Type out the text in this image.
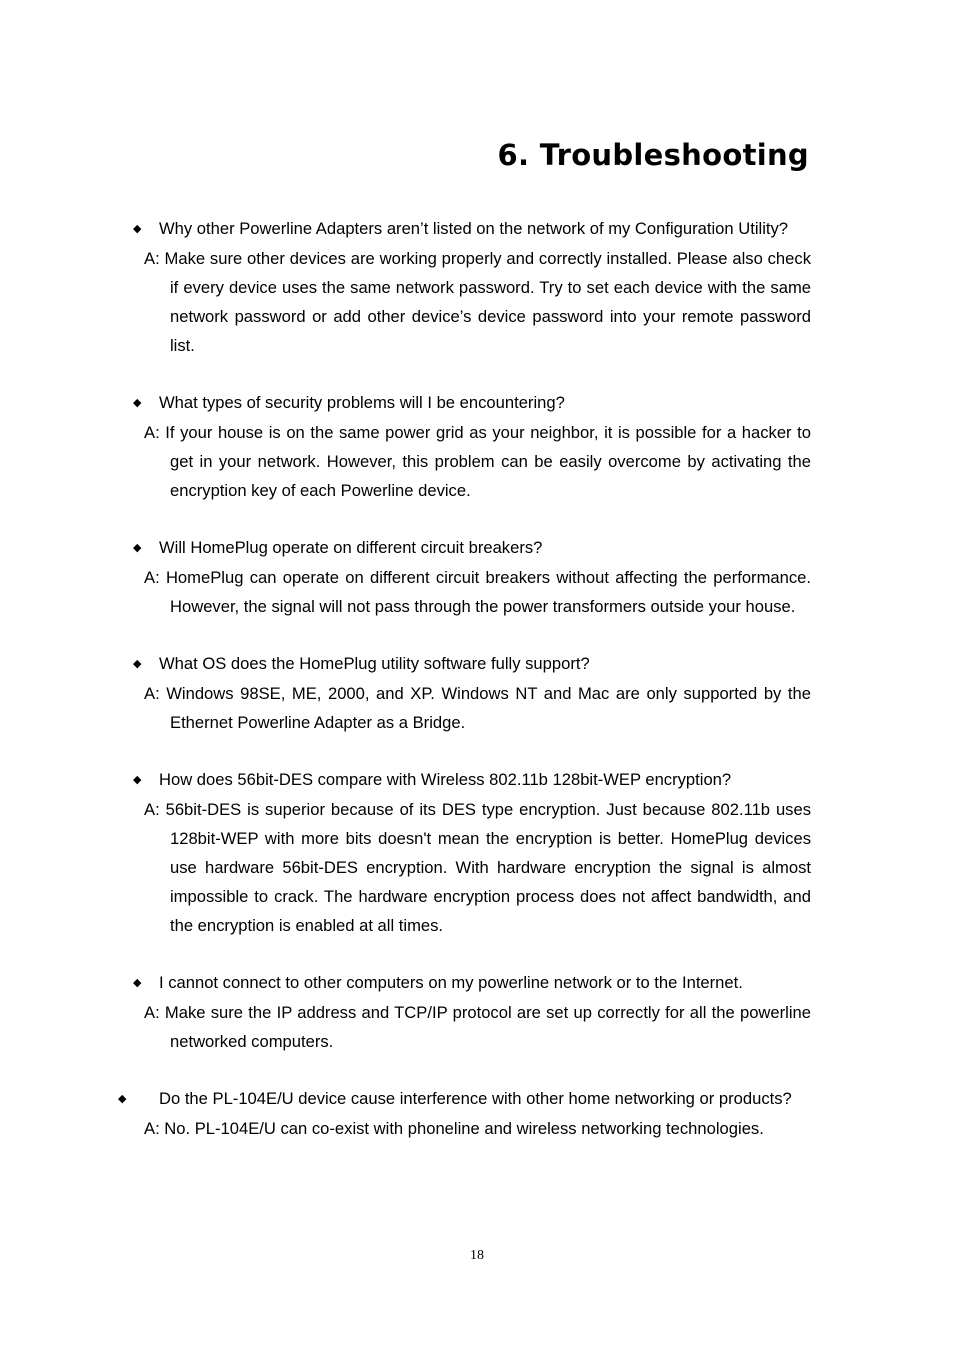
6. Troubleshooting

◆ Why other Powerline Adapters aren’t listed on the network of my Configuration Utility?

A: Make sure other devices are working properly and correctly installed. Please also check if every device uses the same network password. Try to set each device with the same network password or add other device’s device password into your remote password list.

◆ What types of security problems will I be encountering?

A: If your house is on the same power grid as your neighbor, it is possible for a hacker to get in your network. However, this problem can be easily overcome by activating the encryption key of each Powerline device.

◆ Will HomePlug operate on different circuit breakers?

A: HomePlug can operate on different circuit breakers without affecting the performance. However, the signal will not pass through the power transformers outside your house.

◆ What OS does the HomePlug utility software fully support?

A: Windows 98SE, ME, 2000, and XP. Windows NT and Mac are only supported by the Ethernet Powerline Adapter as a Bridge.

◆ How does 56bit-DES compare with Wireless 802.11b 128bit-WEP encryption?

A: 56bit-DES is superior because of its DES type encryption. Just because 802.11b uses 128bit-WEP with more bits doesn't mean the encryption is better. HomePlug devices use hardware 56bit-DES encryption. With hardware encryption the signal is almost impossible to crack. The hardware encryption process does not affect bandwidth, and the encryption is enabled at all times.

◆ I cannot connect to other computers on my powerline network or to the Internet.

A: Make sure the IP address and TCP/IP protocol are set up correctly for all the powerline networked computers.

◆ Do the PL-104E/U device cause interference with other home networking or products?

A: No. PL-104E/U can co-exist with phoneline and wireless networking technologies.

18
